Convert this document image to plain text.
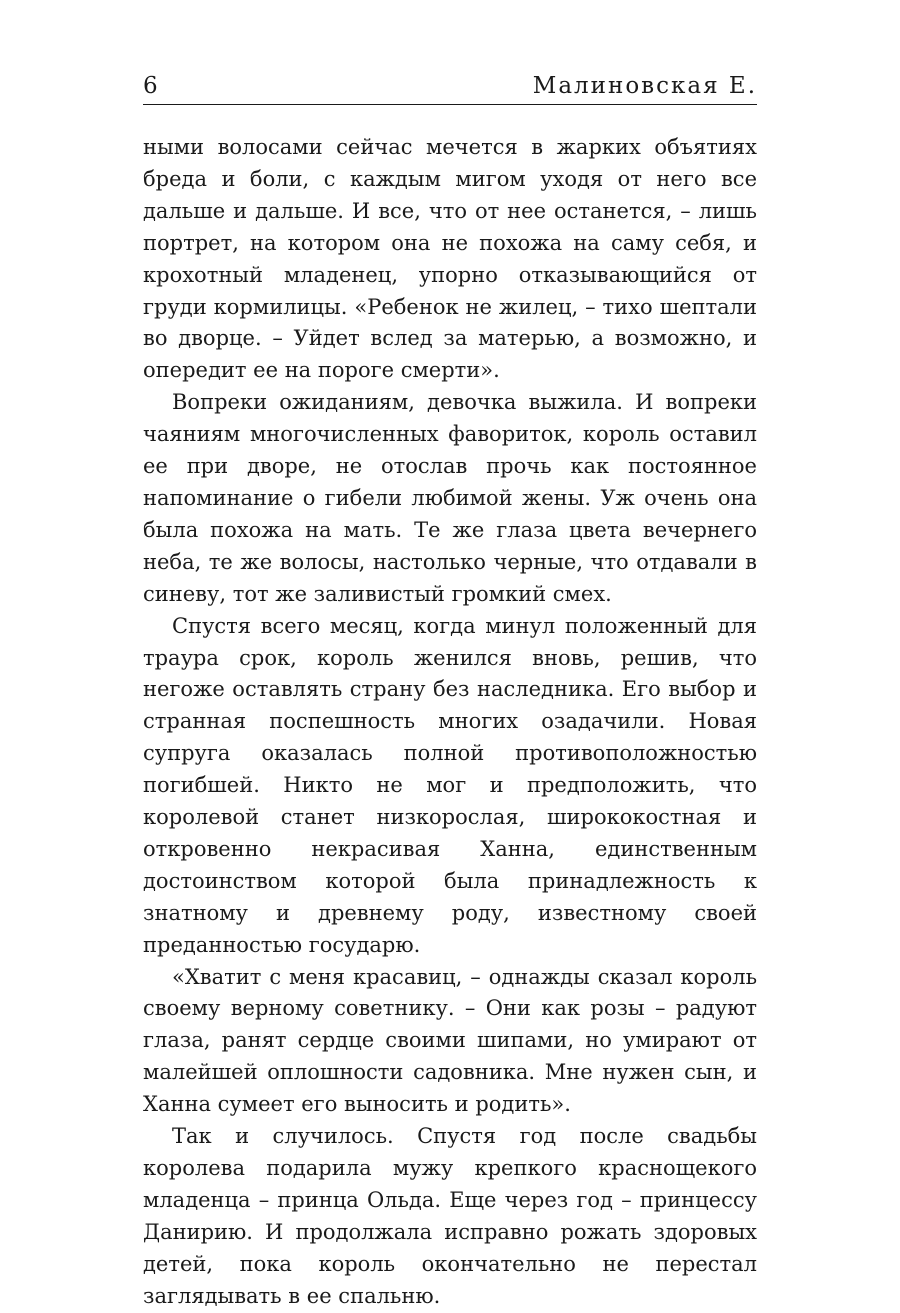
6	Малиновская Е.

ными волосами сейчас мечется в жарких объятиях бреда и боли, с каждым мигом уходя от него все дальше и дальше. И все, что от нее останется, – лишь портрет, на котором она не похожа на саму себя, и крохотный младенец, упорно отказывающийся от груди кормилицы. «Ребенок не жилец, – тихо шептали во дворце. – Уйдет вслед за матерью, а возможно, и опередит ее на пороге смерти».

Вопреки ожиданиям, девочка выжила. И вопреки чаяниям многочисленных фавориток, король оставил ее при дворе, не отослав прочь как постоянное напоминание о гибели любимой жены. Уж очень она была похожа на мать. Те же глаза цвета вечернего неба, те же волосы, настолько черные, что отдавали в синеву, тот же заливистый громкий смех.

Спустя всего месяц, когда минул положенный для траура срок, король женился вновь, решив, что негоже оставлять страну без наследника. Его выбор и странная поспешность многих озадачили. Новая супруга оказалась полной противоположностью погибшей. Никто не мог и предположить, что королевой станет низкорослая, ширококостная и откровенно некрасивая Ханна, единственным достоинством которой была принадлежность к знатному и древнему роду, известному своей преданностью государю.

«Хватит с меня красавиц, – однажды сказал король своему верному советнику. – Они как розы – радуют глаза, ранят сердце своими шипами, но умирают от малейшей оплошности садовника. Мне нужен сын, и Ханна сумеет его выносить и родить».

Так и случилось. Спустя год после свадьбы королева подарила мужу крепкого краснощекого младенца – принца Ольда. Еще через год – принцессу Данирию. И продолжала исправно рожать здоровых детей, пока король окончательно не перестал заглядывать в ее спальню.
